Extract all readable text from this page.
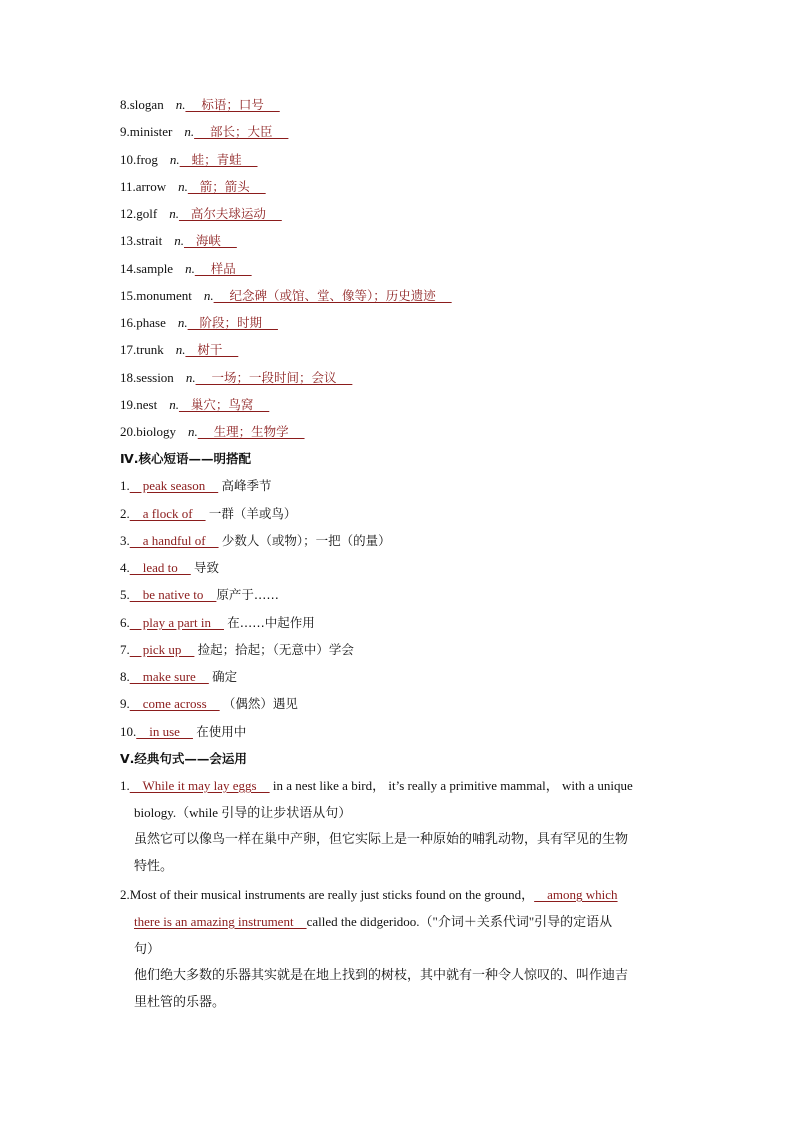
8.slogan n.    标语；口号
9.minister n.    部长；大臣
10.frog n.   蛙；青蛙
11.arrow n.   箭；箭头
12.golf n.   高尔夫球运动
13.strait n.   海峡
14.sample n.    样品
15.monument n.    纪念碑（或馆、堂、像等）；历史遗迹
16.phase n.   阶段；时期
17.trunk n.   树干
18.session n.    一场；一段时间；会议
19.nest n.   巢穴；鸟窝
20.biology n.    生理；生物学
Ⅳ.核心短语——明搭配
1.    peak season     高峰季节
2.    a flock of     一群（羊或鸟）
3.    a handful of     少数人（或物）；一把（的量）
4.    lead to     导致
5.    be native to    原产于……
6.    play a part in     在……中起作用
7.    pick up     捡起；拾起；（无意中）学会
8.    make sure     确定
9.    come across     （偶然）遇见
10.    in use     在使用中
Ⅴ.经典句式——会运用
1.    While it may lay eggs     in a nest like a bird， it’s really a primitive mammal， with a unique
biology.（while 引导的让步状语从句）
虽然它可以像鸟一样在巢中产卵，但它实际上是一种原始的哺乳动物，具有罕见的生物
特性。
2.Most of their musical instruments are really just sticks found on the ground，    among which
there is an amazing instrument    called the didgeridoo.（"介词＋关系代词"引导的定语从
句）
他们绝大多数的乐器其实就是在地上找到的树枝，其中就有一种令人惊叹的、叫作迪吉
里杜管的乐器。
